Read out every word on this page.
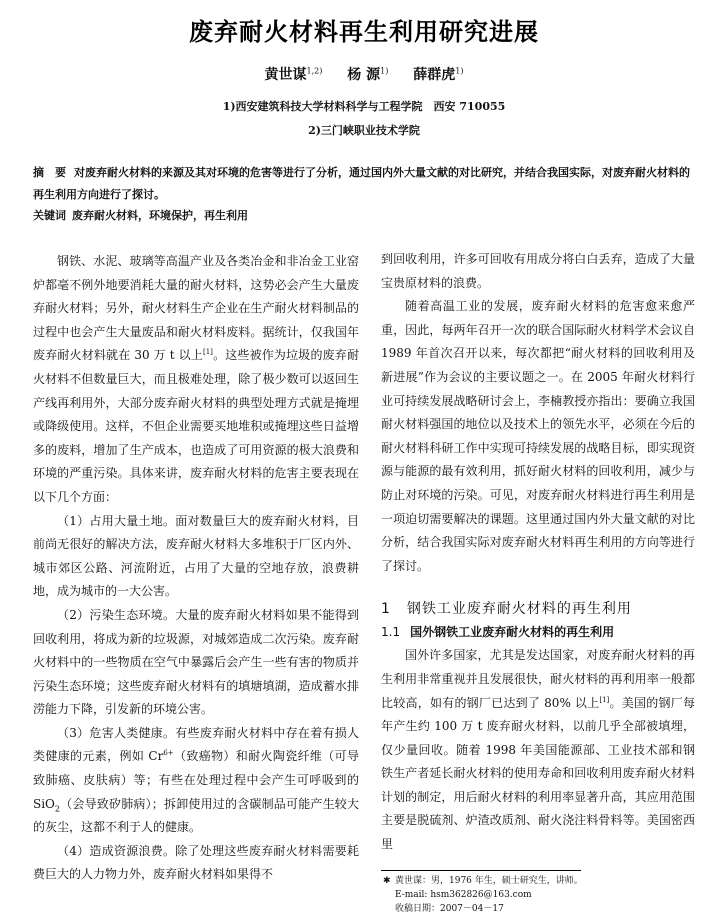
废弃耐火材料再生利用研究进展
黄世谋$^{1,2)}$ 杨 源$^{1)}$ 薛群虎$^{1)}$
1)西安建筑科技大学材料科学与工程学院　西安 710055
2)三门峡职业技术学院
摘　要 对废弃耐火材料的来源及其对环境的危害等进行了分析，通过国内外大量文献的对比研究，并结合我国实际，对废弃耐火材料的再生利用方向进行了探讨。
关键词 废弃耐火材料，环境保护，再生利用

钢铁、水泥、玻璃等高温产业及各类冶金和非冶金工业窑炉都毫不例外地要消耗大量的耐火材料，这势必会产生大量废弃耐火材料；另外，耐火材料生产企业在生产耐火材料制品的过程中也会产生大量废品和耐火材料废料。据统计，仅我国年废弃耐火材料就在 30 万 t 以上[1]。这些被作为垃圾的废弃耐火材料不但数量巨大，而且极难处理，除了极少数可以返回生产线再利用外，大部分废弃耐火材料的典型处理方式就是掩埋或降级使用。这样，不但企业需要买地堆积或掩埋这些日益增多的废料，增加了生产成本，也造成了可用资源的极大浪费和环境的严重污染。具体来讲，废弃耐火材料的危害主要表现在以下几个方面：

（1）占用大量土地。面对数量巨大的废弃耐火材料，目前尚无很好的解决方法，废弃耐火材料大多堆积于厂区内外、城市郊区公路、河流附近，占用了大量的空地存放，浪费耕地，成为城市的一大公害。

（2）污染生态环境。大量的废弃耐火材料如果不能得到回收利用，将成为新的垃圾源，对城郊造成二次污染。废弃耐火材料中的一些物质在空气中暴露后会产生一些有害的物质并污染生态环境；这些废弃耐火材料有的填塘填湖，造成蓄水排涝能力下降，引发新的环境公害。

（3）危害人类健康。有些废弃耐火材料中存在着有损人类健康的元素，例如 $Cr^{6+}$（致癌物）和耐火陶瓷纤维（可导致肺癌、皮肤病）等；有些在处理过程中会产生可呼吸到的 SiO$_2$（会导致矽肺病）；拆卸使用过的含碳制品可能产生较大的灰尘，这都不利于人的健康。

（4）造成资源浪费。除了处理这些废弃耐火材料需要耗费巨大的人力物力外，废弃耐火材料如果得不

到回收利用，许多可回收有用成分将白白丢弃，造成了大量宝贵原材料的浪费。

随着高温工业的发展，废弃耐火材料的危害愈来愈严重，因此，每两年召开一次的联合国际耐火材料学术会议自 1989 年首次召开以来，每次都把“耐火材料的回收利用及新进展”作为会议的主要议题之一。在 2005 年耐火材料行业可持续发展战略研讨会上，李楠教授亦指出：要确立我国耐火材料强国的地位以及技术上的领先水平，必须在今后的耐火材料科研工作中实现可持续发展的战略目标，即实现资源与能源的最有效利用，抓好耐火材料的回收利用，减少与防止对环境的污染。可见，对废弃耐火材料进行再生利用是一项迫切需要解决的课题。这里通过国内外大量文献的对比分析，结合我国实际对废弃耐火材料再生利用的方向等进行了探讨。

1 钢铁工业废弃耐火材料的再生利用
1.1 国外钢铁工业废弃耐火材料的再生利用

国外许多国家，尤其是发达国家，对废弃耐火材料的再生利用非常重视并且发展很快，耐火材料的再利用率一般都比较高，如有的钢厂已达到了 80% 以上[1]。美国的钢厂每年产生约 100 万 t 废弃耐火材料，以前几乎全部被填埋，仅少量回收。随着 1998 年美国能源部、工业技术部和钢铁生产者延长耐火材料的使用寿命和回收利用废弃耐火材料计划的制定，用后耐火材料的利用率显著升高，其应用范围主要是脱硫剂、炉渣改质剂、耐火浇注料骨料等。美国密西里

✱ 黄世谋：男，1976 年生，硕士研究生，讲师。
E-mail: hsm362826@163.com
收稿日期：2007－04－17
